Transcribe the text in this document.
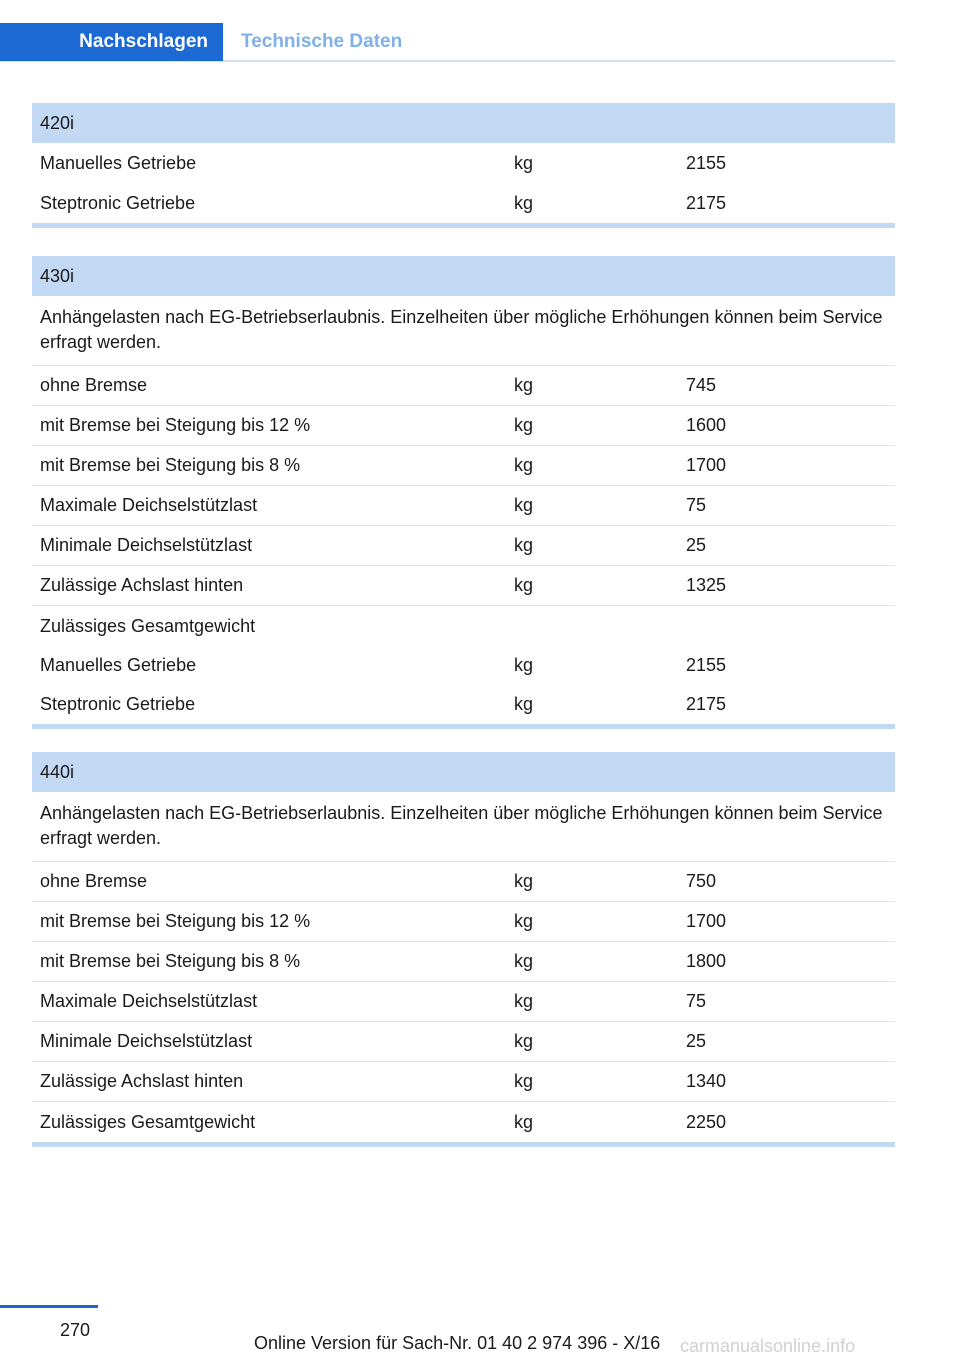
Nachschlagen	Technische Daten
420i
Manuelles Getriebe	kg	2155
Steptronic Getriebe	kg	2175
430i
Anhängelasten nach EG-Betriebserlaubnis. Einzelheiten über mögliche Erhöhungen können beim Service erfragt werden.
ohne Bremse	kg	745
mit Bremse bei Steigung bis 12 %	kg	1600
mit Bremse bei Steigung bis 8 %	kg	1700
Maximale Deichselstützlast	kg	75
Minimale Deichselstützlast	kg	25
Zulässige Achslast hinten	kg	1325
Zulässiges Gesamtgewicht
Manuelles Getriebe	kg	2155
Steptronic Getriebe	kg	2175
440i
Anhängelasten nach EG-Betriebserlaubnis. Einzelheiten über mögliche Erhöhungen können beim Service erfragt werden.
ohne Bremse	kg	750
mit Bremse bei Steigung bis 12 %	kg	1700
mit Bremse bei Steigung bis 8 %	kg	1800
Maximale Deichselstützlast	kg	75
Minimale Deichselstützlast	kg	25
Zulässige Achslast hinten	kg	1340
Zulässiges Gesamtgewicht	kg	2250
270
Online Version für Sach-Nr. 01 40 2 974 396 - X/16 carmanualsonline.info
